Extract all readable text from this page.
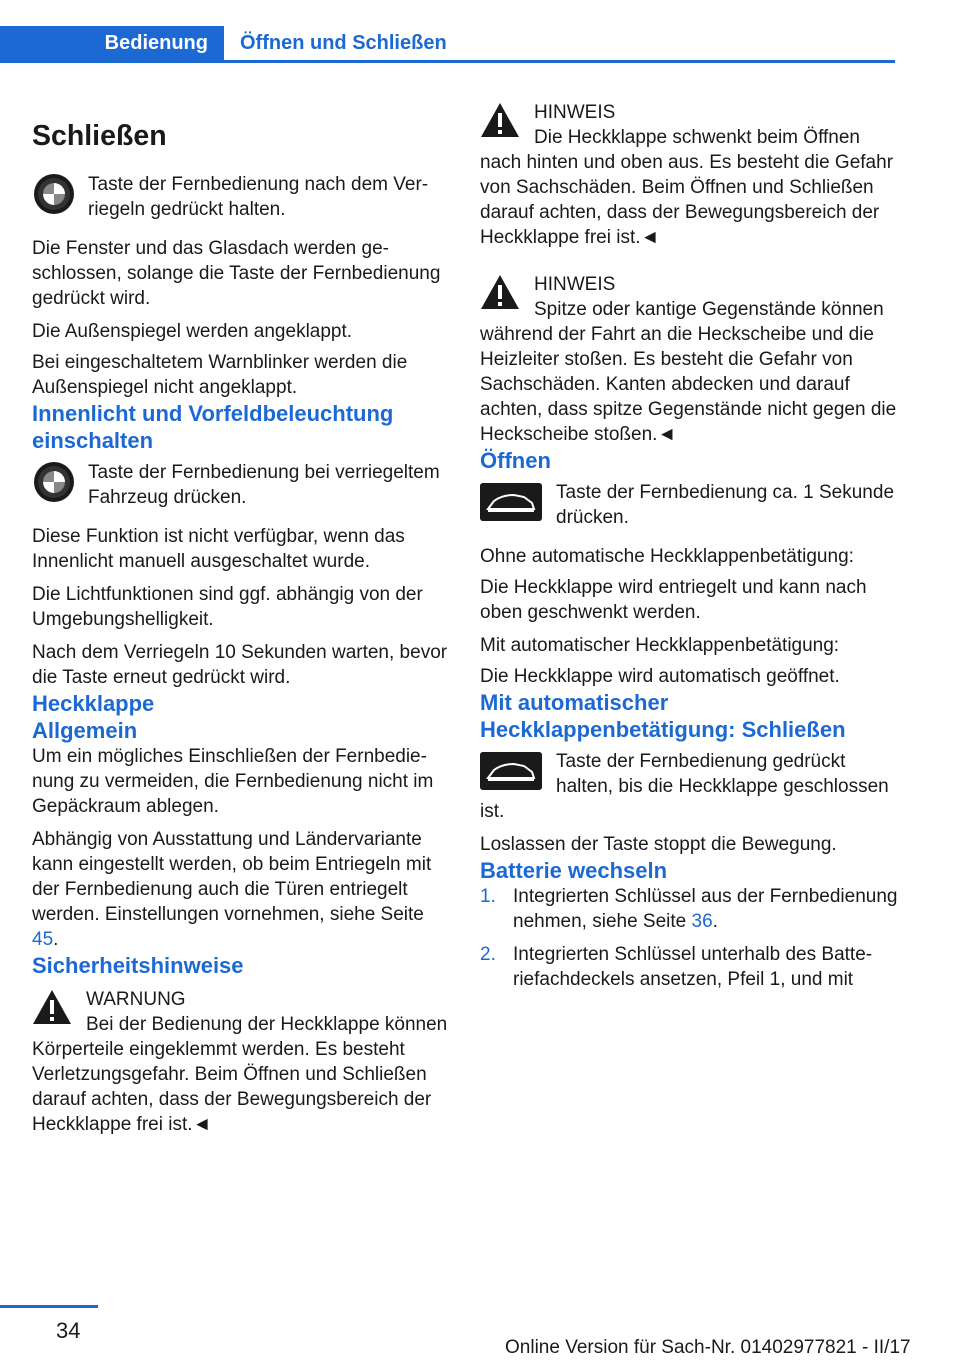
Bedienung	Öffnen und Schließen
Schließen

Taste der Fernbedienung nach dem Verriegeln gedrückt halten.

Die Fenster und das Glasdach werden geschlossen, solange die Taste der Fernbedienung gedrückt wird.

Die Außenspiegel werden angeklappt.

Bei eingeschaltetem Warnblinker werden die Außenspiegel nicht angeklappt.

Innenlicht und Vorfeldbeleuchtung einschalten

Taste der Fernbedienung bei verriegeltem Fahrzeug drücken.

Diese Funktion ist nicht verfügbar, wenn das Innenlicht manuell ausgeschaltet wurde.

Die Lichtfunktionen sind ggf. abhängig von der Umgebungshelligkeit.

Nach dem Verriegeln 10 Sekunden warten, bevor die Taste erneut gedrückt wird.

Heckklappe
Allgemein

Um ein mögliches Einschließen der Fernbedienung zu vermeiden, die Fernbedienung nicht im Gepäckraum ablegen.

Abhängig von Ausstattung und Ländervariante kann eingestellt werden, ob beim Entriegeln mit der Fernbedienung auch die Türen entriegelt werden. Einstellungen vornehmen, siehe Seite 45.

Sicherheitshinweise

WARNUNG

Bei der Bedienung der Heckklappe können Körperteile eingeklemmt werden. Es besteht Verletzungsgefahr. Beim Öffnen und Schließen darauf achten, dass der Bewegungsbereich der Heckklappe frei ist.◄

HINWEIS

Die Heckklappe schwenkt beim Öffnen nach hinten und oben aus. Es besteht die Gefahr von Sachschäden. Beim Öffnen und Schließen darauf achten, dass der Bewegungsbereich der Heckklappe frei ist.◄

HINWEIS

Spitze oder kantige Gegenstände können während der Fahrt an die Heckscheibe und die Heizleiter stoßen. Es besteht die Gefahr von Sachschäden. Kanten abdecken und darauf achten, dass spitze Gegenstände nicht gegen die Heckscheibe stoßen.◄

Öffnen

Taste der Fernbedienung ca. 1 Sekunde drücken.

Ohne automatische Heckklappenbetätigung:

Die Heckklappe wird entriegelt und kann nach oben geschwenkt werden.

Mit automatischer Heckklappenbetätigung:

Die Heckklappe wird automatisch geöffnet.

Mit automatischer Heckklappenbetätigung: Schließen

Taste der Fernbedienung gedrückt halten, bis die Heckklappe geschlossen ist.

Loslassen der Taste stoppt die Bewegung.

Batterie wechseln
1. Integrierten Schlüssel aus der Fernbedienung nehmen, siehe Seite 36.
2. Integrierten Schlüssel unterhalb des Batteriefachdeckels ansetzen, Pfeil 1, und mit
34
Online Version für Sach-Nr. 01402977821 - II/17
